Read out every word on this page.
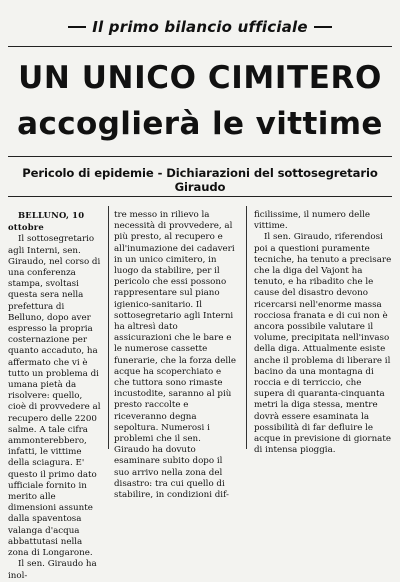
Il primo bilancio ufficiale
UN UNICO CIMITERO
accoglierà le vittime
Pericolo di epidemie - Dichiarazioni del sottosegretario Giraudo

BELLUNO, 10 ottobre

Il sottosegretario agli Interni, sen. Giraudo, nel corso di una conferenza stampa, svoltasi questa sera nella prefettura di Belluno, dopo aver espresso la propria costernazione per quanto accaduto, ha affermato che vi è tutto un problema di umana pietà da risolvere: quello, cioè di provvedere al recupero delle 2200 salme. A tale cifra ammonterebbero, infatti, le vittime della sciagura. E' questo il primo dato ufficiale fornito in merito alle dimensioni assunte dalla spaventosa valanga d'acqua abbattutasi nella zona di Longarone.

Il sen. Giraudo ha inol-

tre messo in rilievo la necessità di provvedere, al più presto, al recupero e all'inumazione dei cadaveri in un unico cimitero, in luogo da stabilire, per il pericolo che essi possono rappresentare sul piano igienico-sanitario. Il sottosegretario agli Interni ha altresì dato assicurazioni che le bare e le numerose cassette funerarie, che la forza delle acque ha scoperchiato e che tuttora sono rimaste incustodite, saranno al più presto raccolte e riceveranno degna sepoltura. Numerosi i problemi che il sen. Giraudo ha dovuto esaminare subito dopo il suo arrivo nella zona del disastro: tra cui quello di stabilire, in condizioni dif-

ficilissime, il numero delle vittime.

Il sen. Giraudo, riferendosi poi a questioni puramente tecniche, ha tenuto a precisare che la diga del Vajont ha tenuto, e ha ribadito che le cause del disastro devono ricercarsi nell'enorme massa rocciosa franata e di cui non è ancora possibile valutare il volume, precipitata nell'invaso della diga. Attualmente esiste anche il problema di liberare il bacino da una montagna di roccia e di terriccio, che supera di quaranta-cinquanta metri la diga stessa, mentre dovrà essere esaminata la possibilità di far defluire le acque in previsione di giornate di intensa pioggia.
